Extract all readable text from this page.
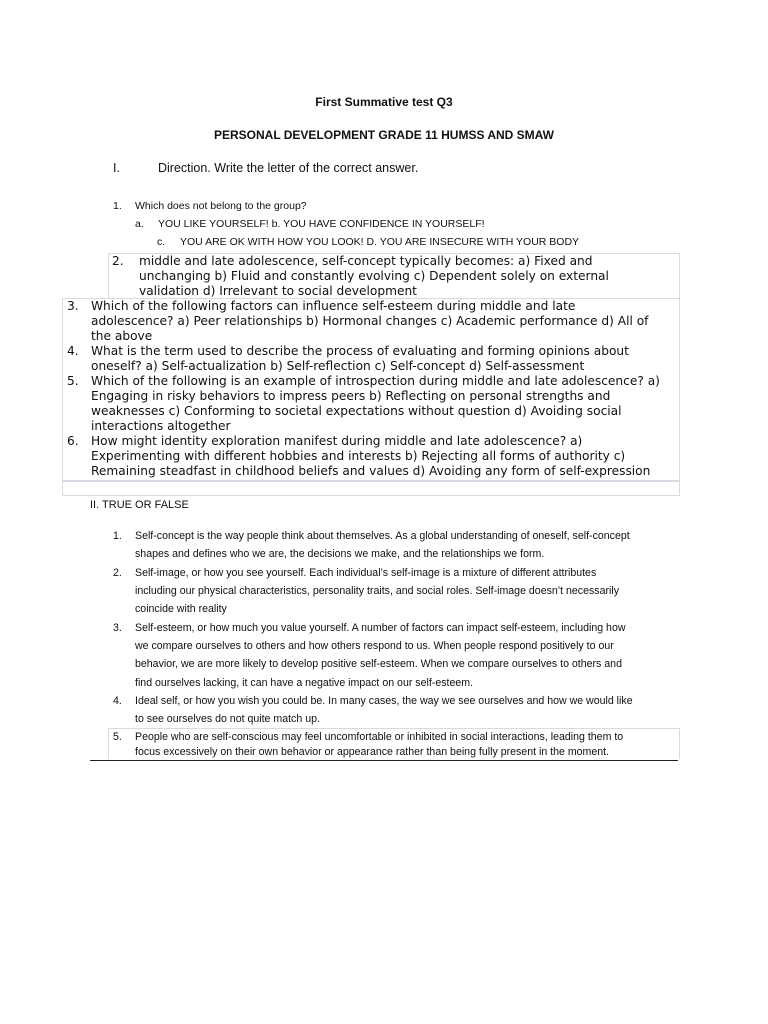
First Summative test Q3
PERSONAL DEVELOPMENT GRADE 11 HUMSS AND SMAW
I.	Direction. Write the letter of the correct answer.
1. Which does not belong to the group?
a. YOU LIKE YOURSELF! b. YOU HAVE CONFIDENCE IN YOURSELF!
c. YOU ARE OK WITH HOW YOU LOOK! D. YOU ARE INSECURE WITH YOUR BODY
2. middle and late adolescence, self-concept typically becomes: a) Fixed and
unchanging b) Fluid and constantly evolving c) Dependent solely on external
validation d) Irrelevant to social development
3. Which of the following factors can influence self-esteem during middle and late
adolescence? a) Peer relationships b) Hormonal changes c) Academic performance d) All of
the above
4. What is the term used to describe the process of evaluating and forming opinions about
oneself? a) Self-actualization b) Self-reflection c) Self-concept d) Self-assessment
5. Which of the following is an example of introspection during middle and late adolescence? a)
Engaging in risky behaviors to impress peers b) Reflecting on personal strengths and
weaknesses c) Conforming to societal expectations without question d) Avoiding social
interactions altogether
6. How might identity exploration manifest during middle and late adolescence? a)
Experimenting with different hobbies and interests b) Rejecting all forms of authority c)
Remaining steadfast in childhood beliefs and values d) Avoiding any form of self-expression
II. TRUE OR FALSE
1. Self-concept is the way people think about themselves. As a global understanding of oneself, self-concept
shapes and defines who we are, the decisions we make, and the relationships we form.
2. Self-image, or how you see yourself. Each individual’s self-image is a mixture of different attributes
including our physical characteristics, personality traits, and social roles. Self-image doesn’t necessarily
coincide with reality
3. Self-esteem, or how much you value yourself. A number of factors can impact self-esteem, including how
we compare ourselves to others and how others respond to us. When people respond positively to our
behavior, we are more likely to develop positive self-esteem. When we compare ourselves to others and
find ourselves lacking, it can have a negative impact on our self-esteem.
4. Ideal self, or how you wish you could be. In many cases, the way we see ourselves and how we would like
to see ourselves do not quite match up.
5. People who are self-conscious may feel uncomfortable or inhibited in social interactions, leading them to
focus excessively on their own behavior or appearance rather than being fully present in the moment.
